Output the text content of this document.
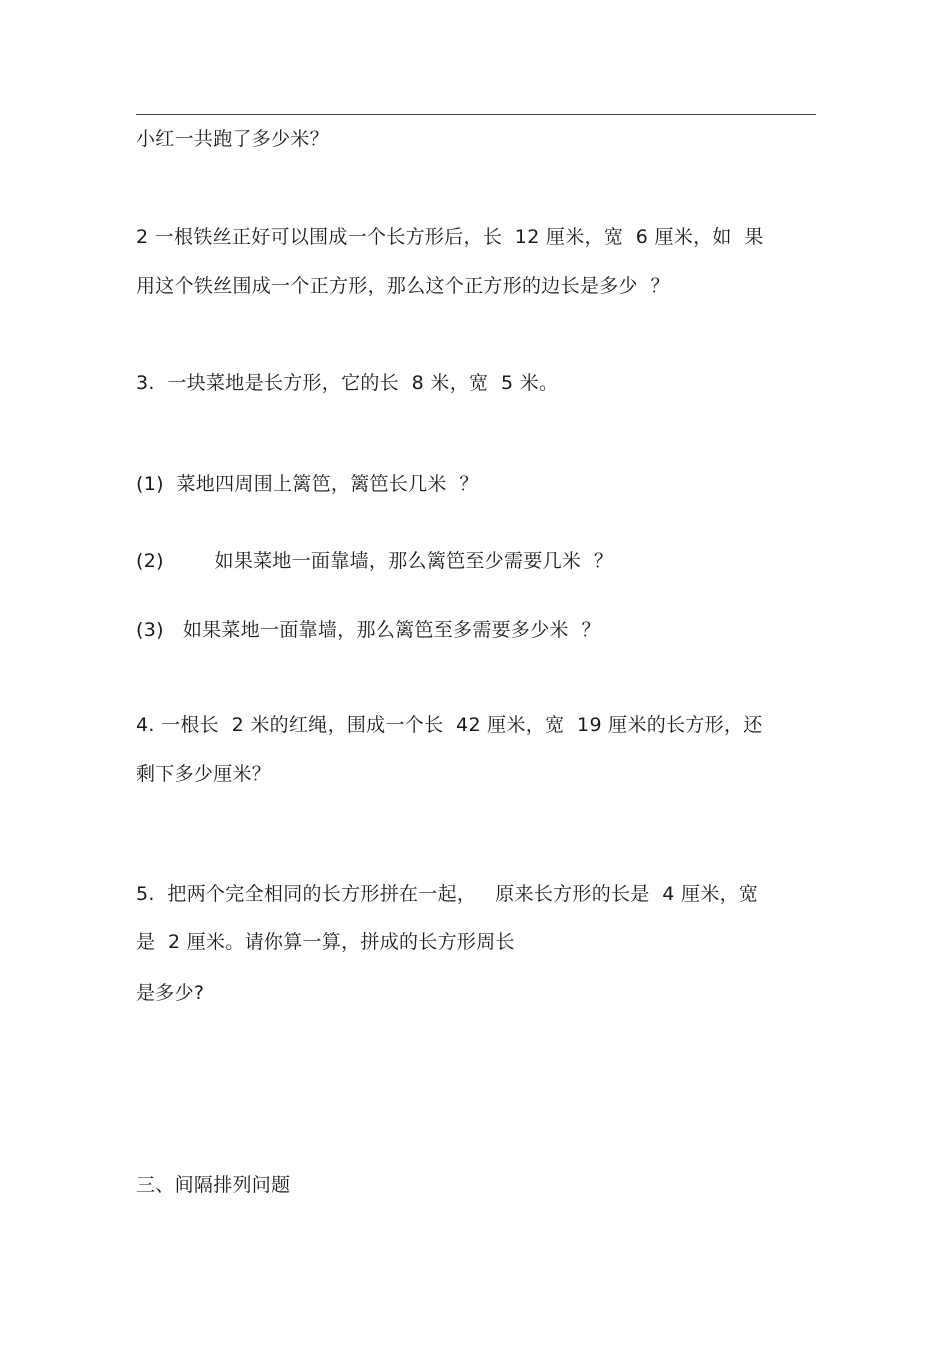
小红一共跑了多少米？
2 一根铁丝正好可以围成一个长方形后，长  12 厘米，宽  6 厘米，如  果
用这个铁丝围成一个正方形，那么这个正方形的边长是多少  ？
3.  一块菜地是长方形，它的长  8 米，宽  5 米。
(1)  菜地四周围上篱笆，篱笆长几米  ？
(2)        如果菜地一面靠墙，那么篱笆至少需要几米  ？
(3)   如果菜地一面靠墙，那么篱笆至多需要多少米  ？
4. 一根长  2 米的红绳，围成一个长  42 厘米，宽  19 厘米的长方形，还
剩下多少厘米？
5.  把两个完全相同的长方形拼在一起，   原来长方形的长是  4 厘米，宽
是  2 厘米。请你算一算，拼成的长方形周长
是多少?
三、间隔排列问题
